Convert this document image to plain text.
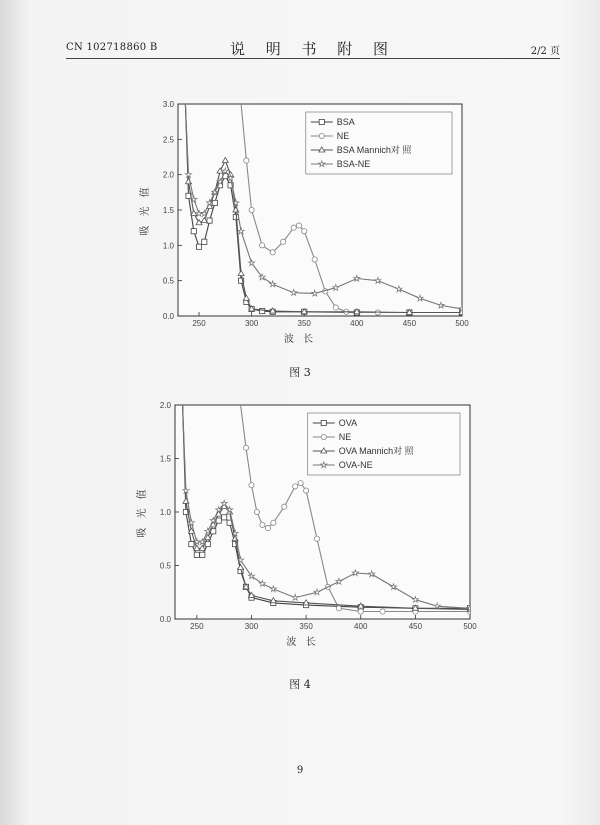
CN 102718860 B	说 明 书 附 图	2/2 页
250	300	350	400	450	500
0.0
0.5
1.0
1.5
2.0
2.5
3.0
波 长
吸 光 值
BSA
NE
BSA Mannich对 照
BSA-NE
图 3
250	300	350	400	450	500
0.0
0.5
1.0
1.5
2.0
波 长
吸 光 值
OVA
NE
OVA Mannich对 照
OVA-NE
图 4
9
